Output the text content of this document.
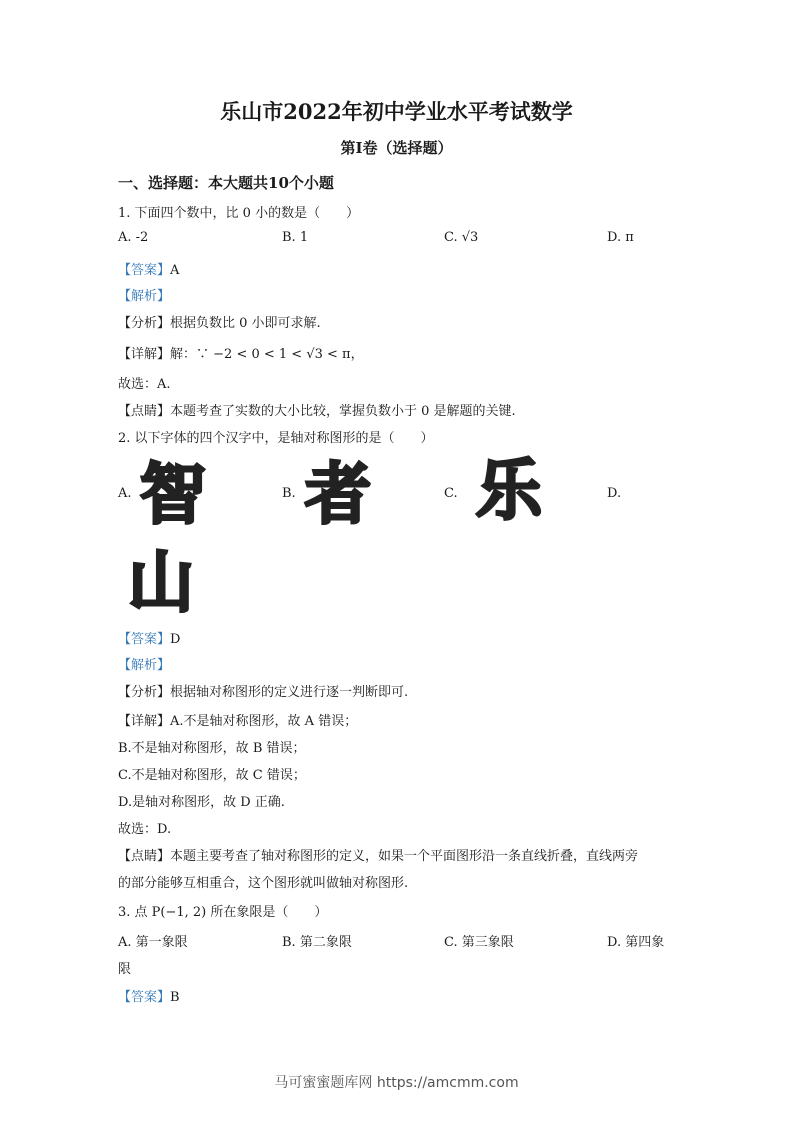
乐山市2022年初中学业水平考试数学
第Ⅰ卷（选择题）
一、选择题：本大题共10个小题
1. 下面四个数中，比 0 小的数是（　　）
A. -2	B. 1	C. √3	D. π
【答案】A
【解析】
【分析】根据负数比 0 小即可求解.
【详解】解：∵ −2 < 0 < 1 < √3 < π，
故选：A.
【点睛】本题考查了实数的大小比较，掌握负数小于 0 是解题的关键.
2. 以下字体的四个汉字中，是轴对称图形的是（　　）
A.	B.	C.	D.
智 者 乐
山
【答案】D
【解析】
【分析】根据轴对称图形的定义进行逐一判断即可.
【详解】A.不是轴对称图形，故 A 错误；
B.不是轴对称图形，故 B 错误；
C.不是轴对称图形，故 C 错误；
D.是轴对称图形，故 D 正确.
故选：D.
【点睛】本题主要考查了轴对称图形的定义，如果一个平面图形沿一条直线折叠，直线两旁
的部分能够互相重合，这个图形就叫做轴对称图形.
3. 点 P(−1, 2) 所在象限是（　　）
A. 第一象限	B. 第二象限	C. 第三象限	D. 第四象
限
【答案】B
马可蜜蜜题库网 https://amcmm.com
